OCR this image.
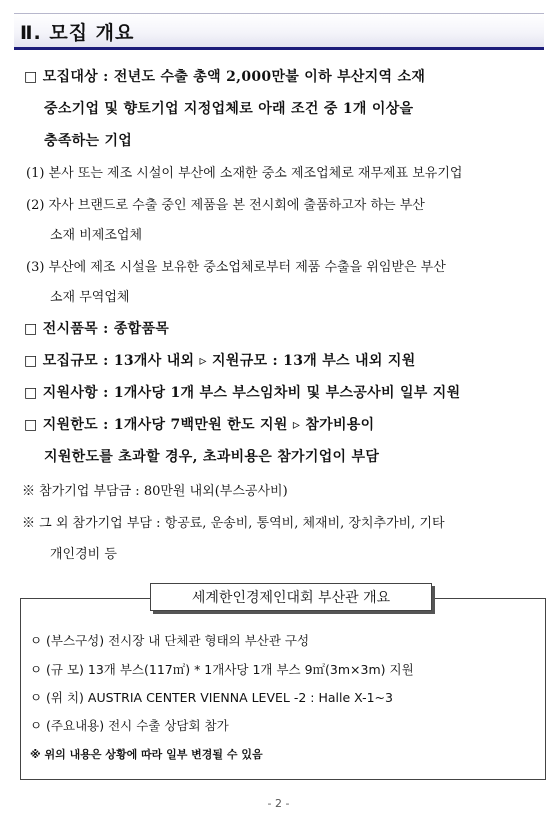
Ⅱ. 모집 개요
□ 모집대상 : 전년도 수출 총액 2,000만불 이하 부산지역 소재
중소기업 및 향토기업 지정업체로 아래 조건 중 1개 이상을
충족하는 기업
(1) 본사 또는 제조 시설이 부산에 소재한 중소 제조업체로 재무제표 보유기업
(2) 자사 브랜드로 수출 중인 제품을 본 전시회에 출품하고자 하는 부산
소재 비제조업체
(3) 부산에 제조 시설을 보유한 중소업체로부터 제품 수출을 위임받은 부산
소재 무역업체
□ 전시품목 : 종합품목
□ 모집규모 : 13개사 내외 ▹ 지원규모 : 13개 부스 내외 지원
□ 지원사항 : 1개사당 1개 부스 부스임차비 및 부스공사비 일부 지원
□ 지원한도 : 1개사당 7백만원 한도 지원 ▹ 참가비용이
지원한도를 초과할 경우, 초과비용은 참가기업이 부담
※ 참가기업 부담금 : 80만원 내외(부스공사비)
※ 그 외 참가기업 부담 : 항공료, 운송비, 통역비, 체재비, 장치추가비, 기타
개인경비 등
세계한인경제인대회 부산관 개요
ㅇ (부스구성) 전시장 내 단체관 형태의 부산관 구성
ㅇ (규 모) 13개 부스(117㎡) * 1개사당 1개 부스 9㎡(3m×3m) 지원
ㅇ (위 치) AUSTRIA CENTER VIENNA LEVEL -2 : Halle X-1~3
ㅇ (주요내용) 전시 수출 상담회 참가
※ 위의 내용은 상황에 따라 일부 변경될 수 있음
- 2 -
